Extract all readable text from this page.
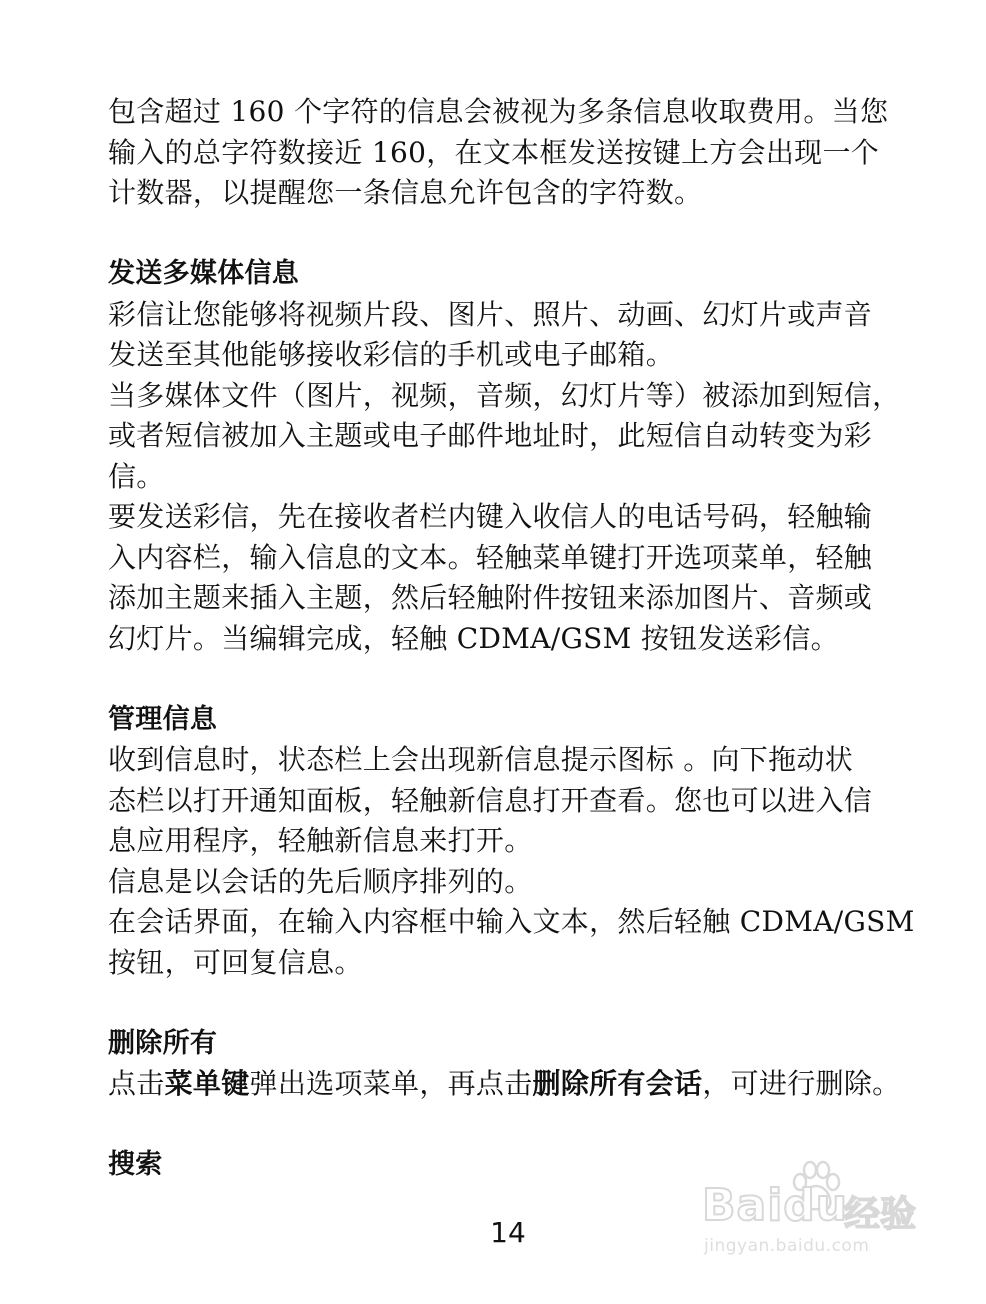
包含超过 160 个字符的信息会被视为多条信息收取费用。当您
输入的总字符数接近 160，在文本框发送按键上方会出现一个
计数器，以提醒您一条信息允许包含的字符数。
发送多媒体信息
彩信让您能够将视频片段、图片、照片、动画、幻灯片或声音
发送至其他能够接收彩信的手机或电子邮箱。
当多媒体文件（图片，视频，音频，幻灯片等）被添加到短信，
或者短信被加入主题或电子邮件地址时，此短信自动转变为彩
信。
要发送彩信，先在接收者栏内键入收信人的电话号码，轻触输
入内容栏，输入信息的文本。轻触菜单键打开选项菜单，轻触
添加主题来插入主题，然后轻触附件按钮来添加图片、音频或
幻灯片。当编辑完成，轻触 CDMA/GSM 按钮发送彩信。
管理信息
收到信息时，状态栏上会出现新信息提示图标 。向下拖动状
态栏以打开通知面板，轻触新信息打开查看。您也可以进入信
息应用程序，轻触新信息来打开。
信息是以会话的先后顺序排列的。
在会话界面，在输入内容框中输入文本，然后轻触 CDMA/GSM
按钮，可回复信息。
删除所有
点击菜单键弹出选项菜单，再点击删除所有会话，可进行删除。
搜索
14
Baidu
经验
jingyan.baidu.com
